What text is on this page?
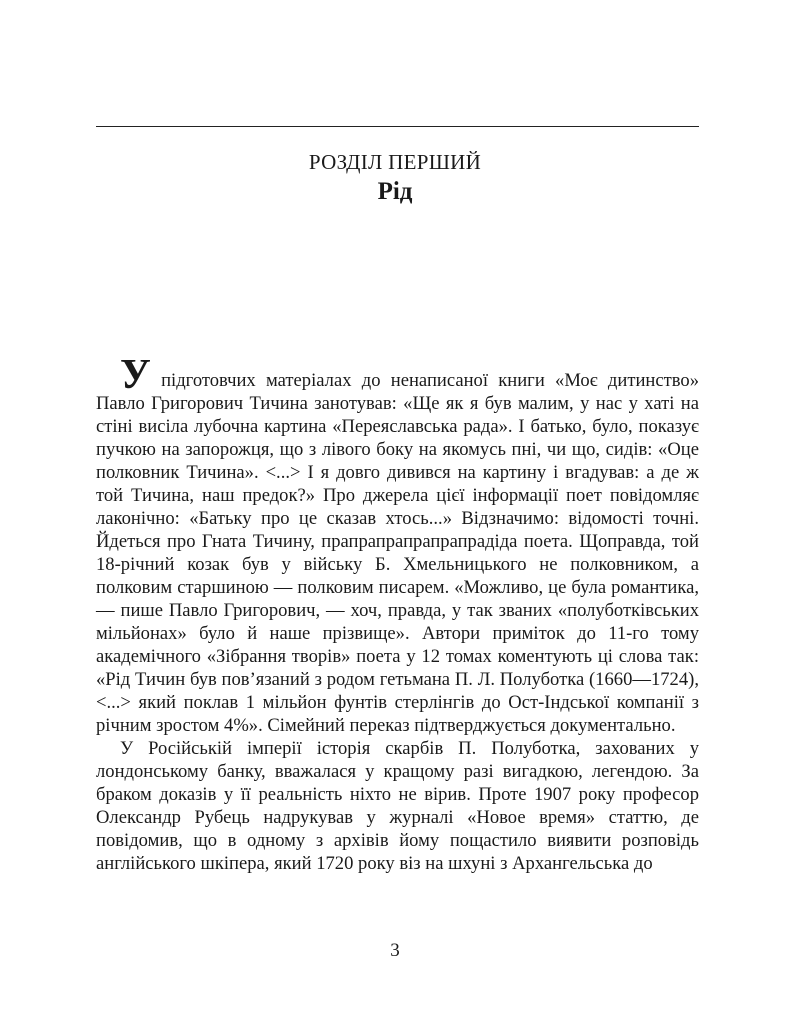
РОЗДІЛ ПЕРШИЙ
Рід

У підготовчих матеріалах до ненаписаної книги «Моє дитинство» Павло Григорович Тичина занотував: «Ще як я був малим, у нас у хаті на стіні висіла лубочна картина «Переяславська рада». І батько, було, показує пучкою на запорожця, що з лівого боку на якомусь пні, чи що, сидів: «Оце полковник Тичина». <...> І я довго дивився на картину і вгадував: а де ж той Тичина, наш предок?» Про джерела цієї інформації поет повідомляє лаконічно: «Батьку про це сказав хтось...» Відзначимо: відомості точні. Йдеться про Гната Тичину, прапрапрапрапрапрадіда поета. Щоправда, той 18-річний козак був у війську Б. Хмельницького не полковником, а полковим старшиною — полковим писарем. «Можливо, це була романтика, — пише Павло Григорович, — хоч, правда, у так званих «полуботківських мільйонах» було й наше прізвище». Автори приміток до 11-го тому академічного «Зібрання творів» поета у 12 томах коментують ці слова так: «Рід Тичин був пов’язаний з родом гетьмана П. Л. Полуботка (1660—1724), <...> який поклав 1 мільйон фунтів стерлінгів до Ост-Індської компанії з річним зростом 4%». Сімейний переказ підтверджується документально.

У Російській імперії історія скарбів П. Полуботка, захованих у лондонському банку, вважалася у кращому разі вигадкою, легендою. За браком доказів у її реальність ніхто не вірив. Проте 1907 року професор Олександр Рубець надрукував у журналі «Новое время» статтю, де повідомив, що в одному з архівів йому пощастило виявити розповідь англійського шкіпера, який 1720 року віз на шхуні з Архангельська до

3
